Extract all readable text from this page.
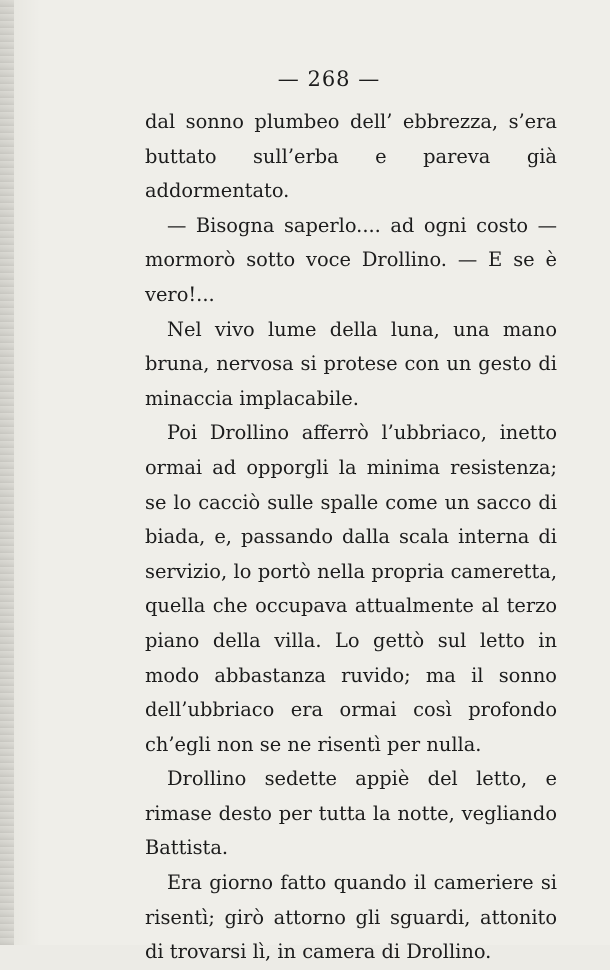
— 268 —

dal sonno plumbeo dell’ ebbrezza, s’era buttato sull’erba e pareva già addormentato.

— Bisogna saperlo.... ad ogni costo — mormorò sotto voce Drollino. — E se è vero!...

Nel vivo lume della luna, una mano bruna, nervosa si protese con un gesto di minaccia implacabile.

Poi Drollino afferrò l’ubbriaco, inetto ormai ad opporgli la minima resistenza; se lo cacciò sulle spalle come un sacco di biada, e, passando dalla scala interna di servizio, lo portò nella propria cameretta, quella che occupava attualmente al terzo piano della villa. Lo gettò sul letto in modo abbastanza ruvido; ma il sonno dell’ubbriaco era ormai così profondo ch’egli non se ne risentì per nulla.

Drollino sedette appiè del letto, e rimase desto per tutta la notte, vegliando Battista.

Era giorno fatto quando il cameriere si risentì; girò attorno gli sguardi, attonito di trovarsi lì, in camera di Drollino.
